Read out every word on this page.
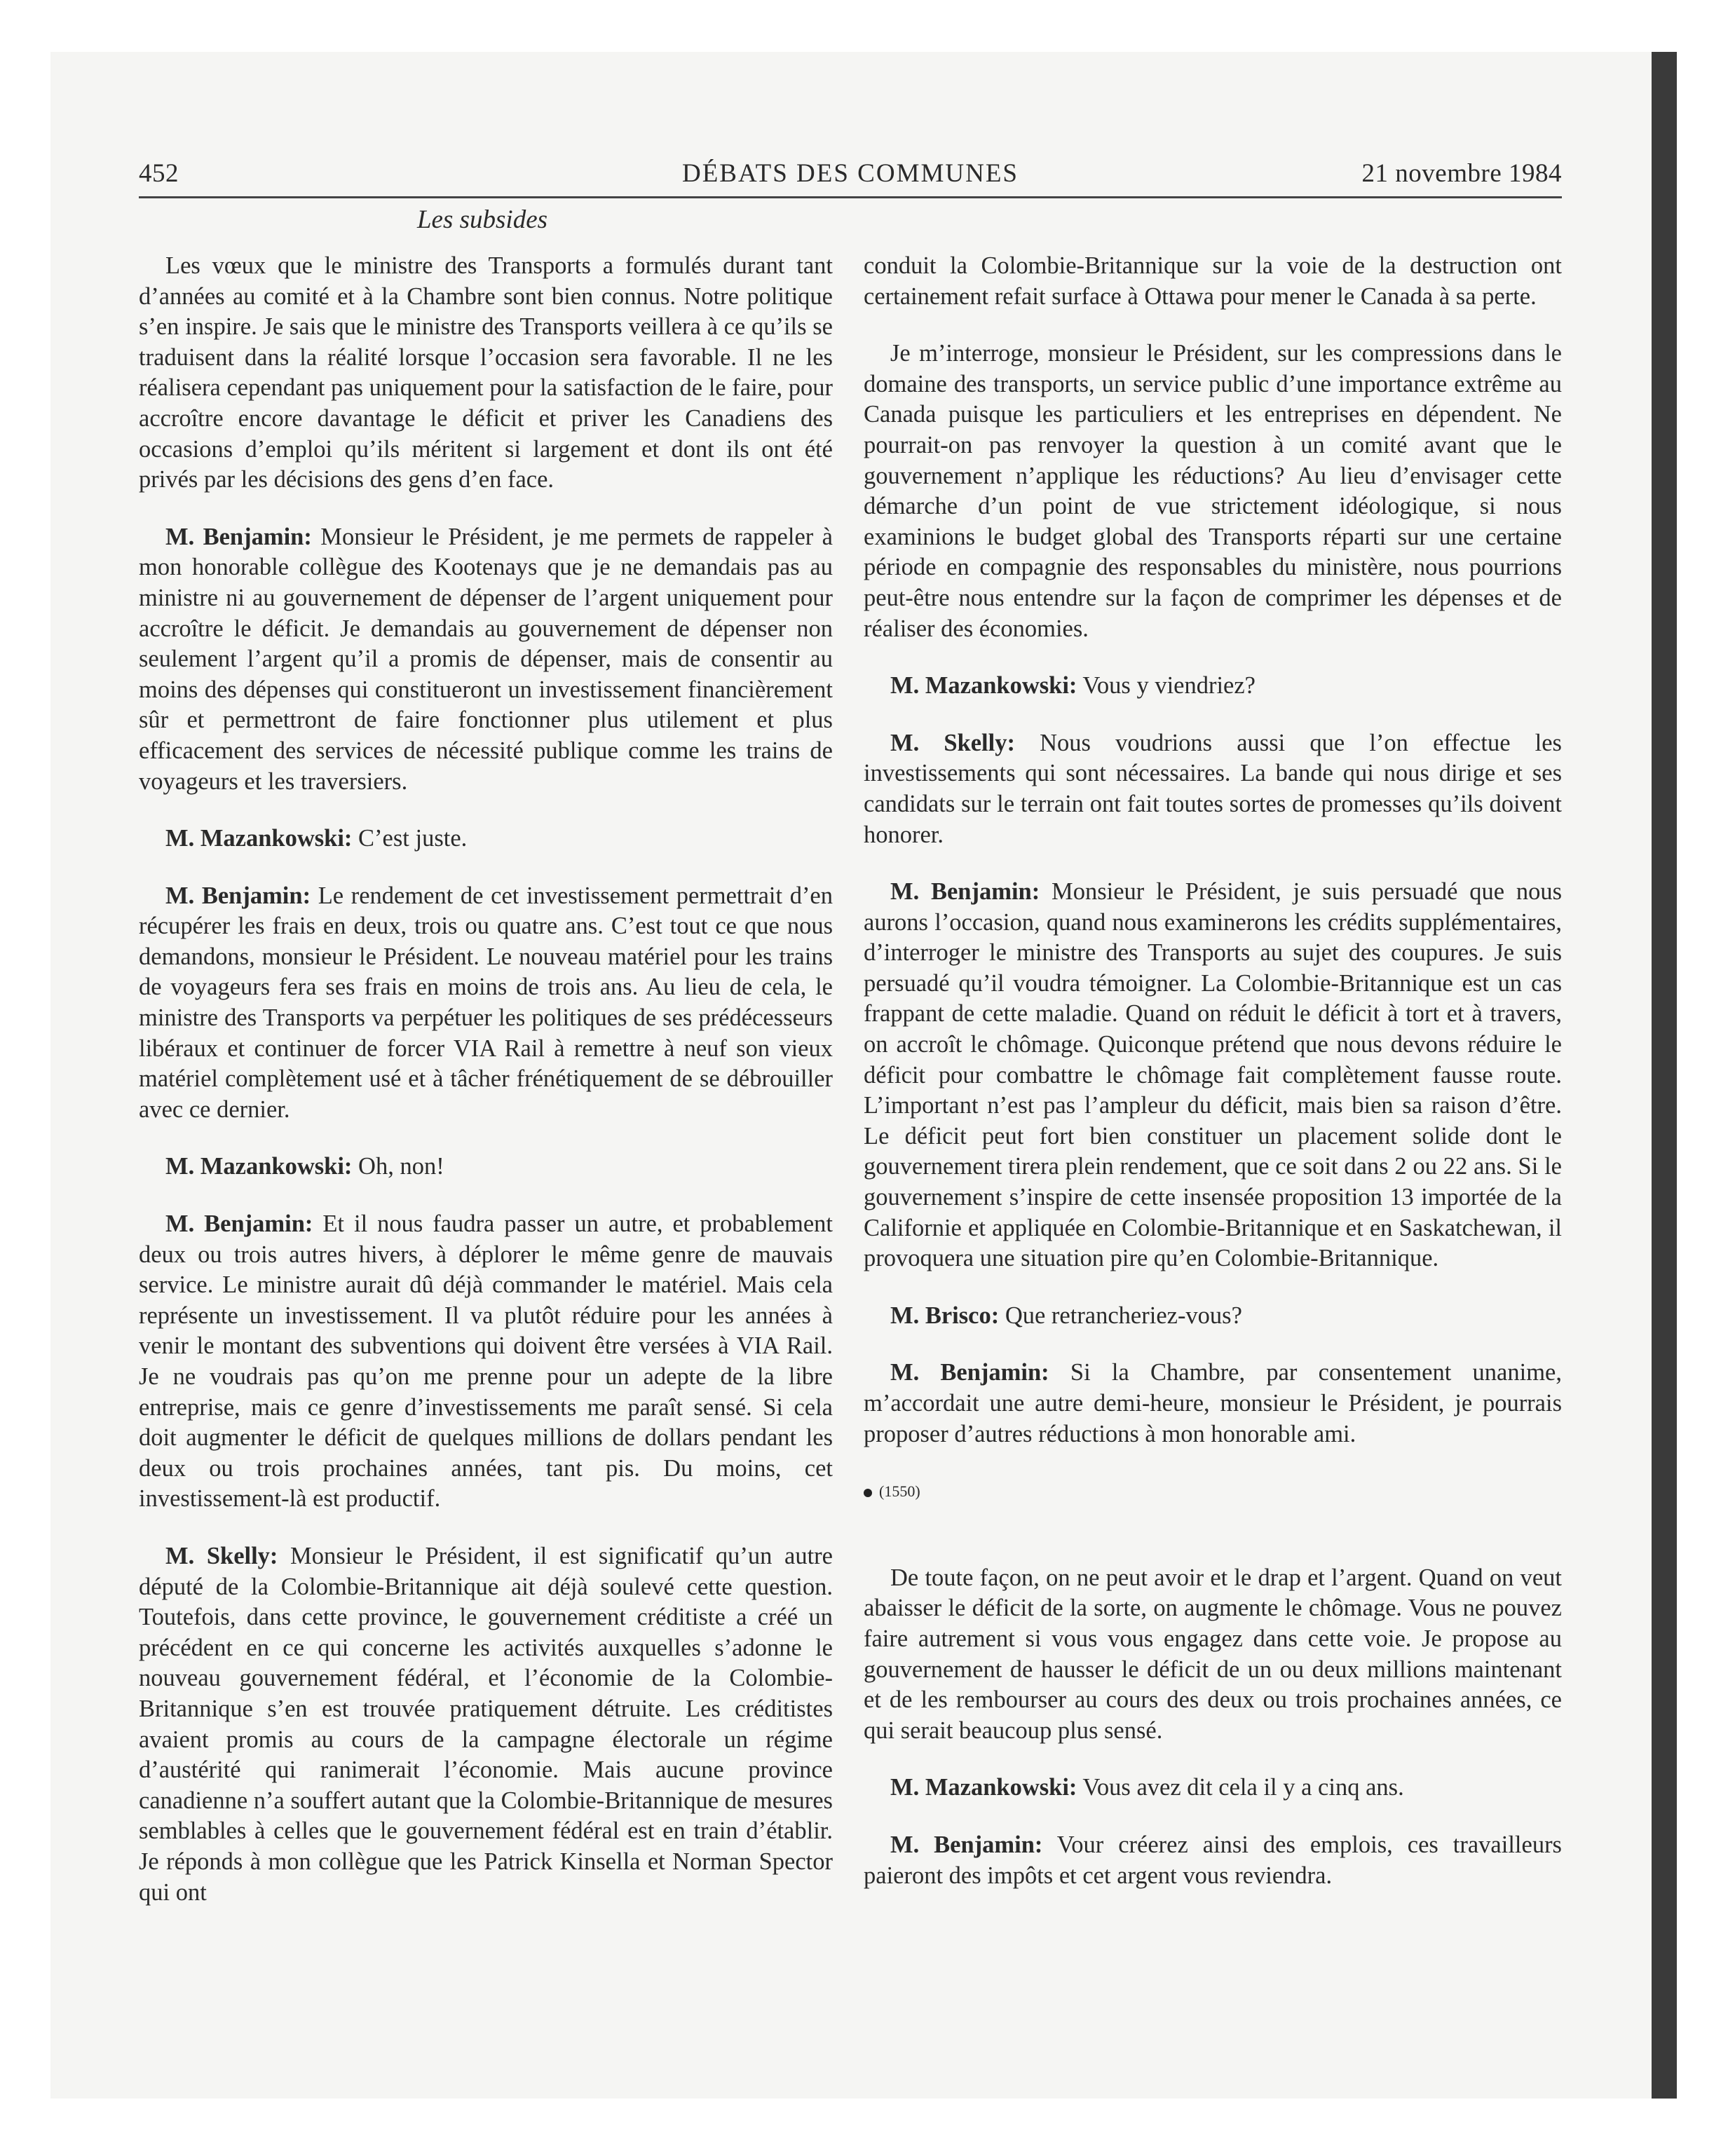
452	DÉBATS DES COMMUNES	21 novembre 1984
Les subsides

Les vœux que le ministre des Transports a formulés durant tant d’années au comité et à la Chambre sont bien connus. Notre politique s’en inspire. Je sais que le ministre des Transports veillera à ce qu’ils se traduisent dans la réalité lorsque l’occasion sera favorable. Il ne les réalisera cependant pas uniquement pour la satisfaction de le faire, pour accroître encore davantage le déficit et priver les Canadiens des occasions d’emploi qu’ils méritent si largement et dont ils ont été privés par les décisions des gens d’en face.

M. Benjamin: Monsieur le Président, je me permets de rappeler à mon honorable collègue des Kootenays que je ne demandais pas au ministre ni au gouvernement de dépenser de l’argent uniquement pour accroître le déficit. Je demandais au gouvernement de dépenser non seulement l’argent qu’il a promis de dépenser, mais de consentir au moins des dépenses qui constitueront un investissement financièrement sûr et permettront de faire fonctionner plus utilement et plus efficacement des services de nécessité publique comme les trains de voyageurs et les traversiers.

M. Mazankowski: C’est juste.

M. Benjamin: Le rendement de cet investissement permettrait d’en récupérer les frais en deux, trois ou quatre ans. C’est tout ce que nous demandons, monsieur le Président. Le nouveau matériel pour les trains de voyageurs fera ses frais en moins de trois ans. Au lieu de cela, le ministre des Transports va perpétuer les politiques de ses prédécesseurs libéraux et continuer de forcer VIA Rail à remettre à neuf son vieux matériel complètement usé et à tâcher frénétiquement de se débrouiller avec ce dernier.

M. Mazankowski: Oh, non!

M. Benjamin: Et il nous faudra passer un autre, et probablement deux ou trois autres hivers, à déplorer le même genre de mauvais service. Le ministre aurait dû déjà commander le matériel. Mais cela représente un investissement. Il va plutôt réduire pour les années à venir le montant des subventions qui doivent être versées à VIA Rail. Je ne voudrais pas qu’on me prenne pour un adepte de la libre entreprise, mais ce genre d’investissements me paraît sensé. Si cela doit augmenter le déficit de quelques millions de dollars pendant les deux ou trois prochaines années, tant pis. Du moins, cet investissement-là est productif.

M. Skelly: Monsieur le Président, il est significatif qu’un autre député de la Colombie-Britannique ait déjà soulevé cette question. Toutefois, dans cette province, le gouvernement créditiste a créé un précédent en ce qui concerne les activités auxquelles s’adonne le nouveau gouvernement fédéral, et l’économie de la Colombie-Britannique s’en est trouvée pratiquement détruite. Les créditistes avaient promis au cours de la campagne électorale un régime d’austérité qui ranimerait l’économie. Mais aucune province canadienne n’a souffert autant que la Colombie-Britannique de mesures semblables à celles que le gouvernement fédéral est en train d’établir. Je réponds à mon collègue que les Patrick Kinsella et Norman Spector qui ont

conduit la Colombie-Britannique sur la voie de la destruction ont certainement refait surface à Ottawa pour mener le Canada à sa perte.

Je m’interroge, monsieur le Président, sur les compressions dans le domaine des transports, un service public d’une importance extrême au Canada puisque les particuliers et les entreprises en dépendent. Ne pourrait-on pas renvoyer la question à un comité avant que le gouvernement n’applique les réductions? Au lieu d’envisager cette démarche d’un point de vue strictement idéologique, si nous examinions le budget global des Transports réparti sur une certaine période en compagnie des responsables du ministère, nous pourrions peut-être nous entendre sur la façon de comprimer les dépenses et de réaliser des économies.

M. Mazankowski: Vous y viendriez?

M. Skelly: Nous voudrions aussi que l’on effectue les investissements qui sont nécessaires. La bande qui nous dirige et ses candidats sur le terrain ont fait toutes sortes de promesses qu’ils doivent honorer.

M. Benjamin: Monsieur le Président, je suis persuadé que nous aurons l’occasion, quand nous examinerons les crédits supplémentaires, d’interroger le ministre des Transports au sujet des coupures. Je suis persuadé qu’il voudra témoigner. La Colombie-Britannique est un cas frappant de cette maladie. Quand on réduit le déficit à tort et à travers, on accroît le chômage. Quiconque prétend que nous devons réduire le déficit pour combattre le chômage fait complètement fausse route. L’important n’est pas l’ampleur du déficit, mais bien sa raison d’être. Le déficit peut fort bien constituer un placement solide dont le gouvernement tirera plein rendement, que ce soit dans 2 ou 22 ans. Si le gouvernement s’inspire de cette insensée proposition 13 importée de la Californie et appliquée en Colombie-Britannique et en Saskatchewan, il provoquera une situation pire qu’en Colombie-Britannique.

M. Brisco: Que retrancheriez-vous?

M. Benjamin: Si la Chambre, par consentement unanime, m’accordait une autre demi-heure, monsieur le Président, je pourrais proposer d’autres réductions à mon honorable ami.

(1550)

De toute façon, on ne peut avoir et le drap et l’argent. Quand on veut abaisser le déficit de la sorte, on augmente le chômage. Vous ne pouvez faire autrement si vous vous engagez dans cette voie. Je propose au gouvernement de hausser le déficit de un ou deux millions maintenant et de les rembourser au cours des deux ou trois prochaines années, ce qui serait beaucoup plus sensé.

M. Mazankowski: Vous avez dit cela il y a cinq ans.

M. Benjamin: Vour créerez ainsi des emplois, ces travailleurs paieront des impôts et cet argent vous reviendra.
